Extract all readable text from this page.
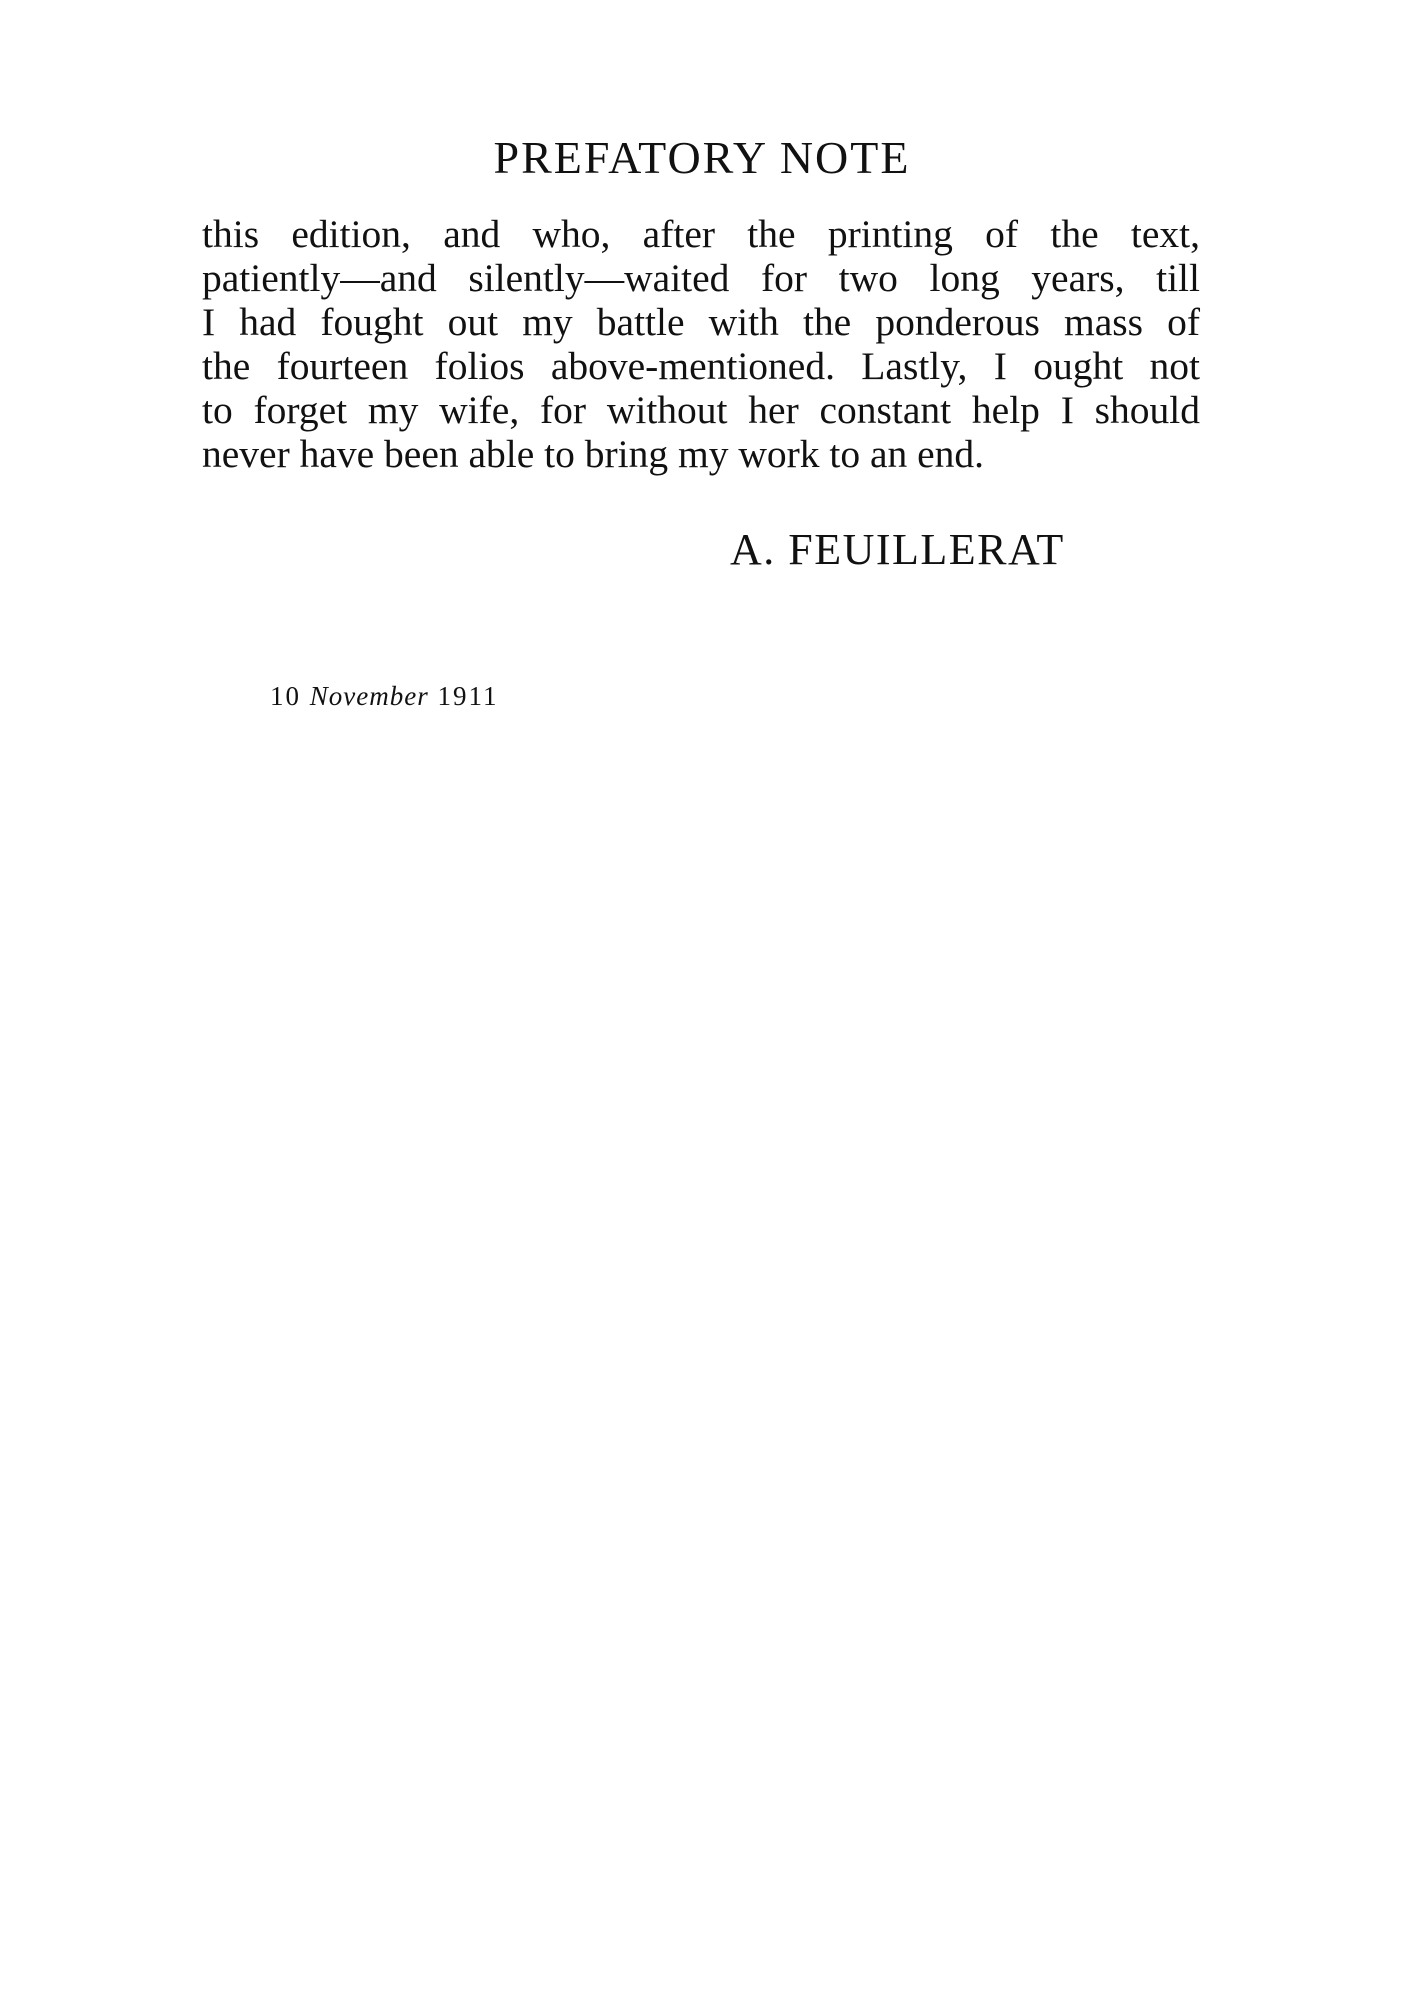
PREFATORY NOTE
this edition, and who, after the printing of the text,
patiently—and silently—waited for two long years, till
I had fought out my battle with the ponderous mass of
the fourteen folios above-mentioned. Lastly, I ought not
to forget my wife, for without her constant help I should
never have been able to bring my work to an end.

A. FEUILLERAT

10 November 1911
